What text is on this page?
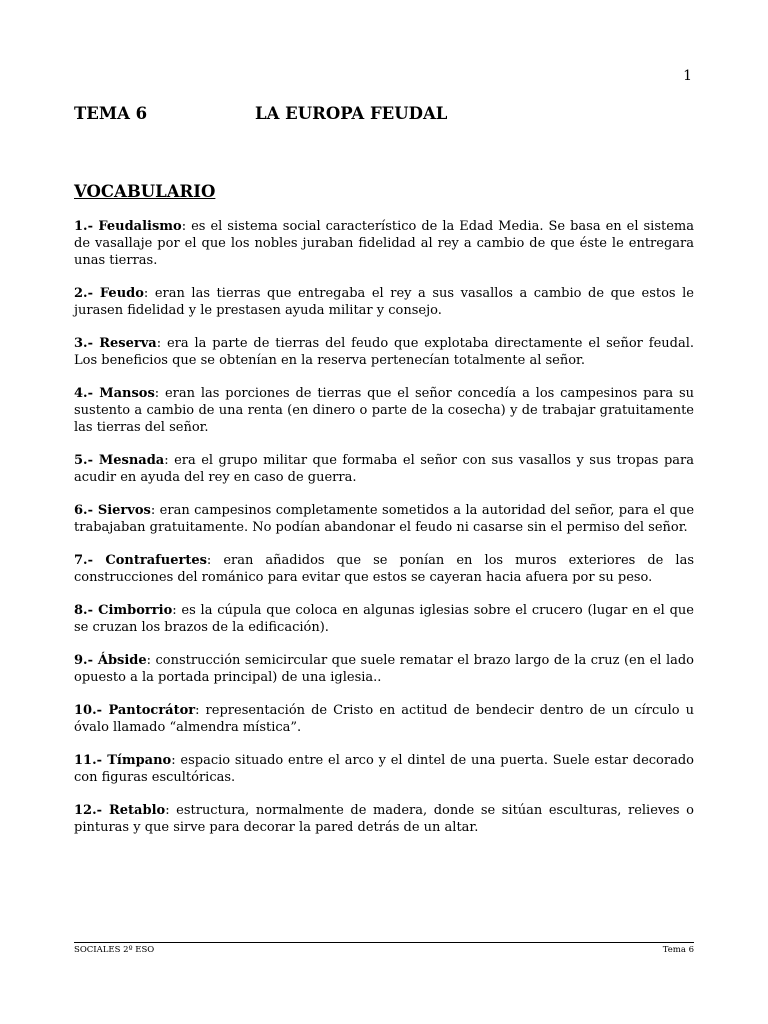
1
TEMA 6	LA EUROPA FEUDAL
VOCABULARIO

1.- Feudalismo: es el sistema social característico de la Edad Media. Se basa en el sistema de vasallaje por el que los nobles juraban fidelidad al rey a cambio de que éste le entregara unas tierras.

2.- Feudo: eran las tierras que entregaba el rey a sus vasallos a cambio de que estos le jurasen fidelidad y le prestasen ayuda militar y consejo.

3.- Reserva: era la parte de tierras del feudo que explotaba directamente el señor feudal. Los beneficios que se obtenían en la reserva pertenecían totalmente al señor.

4.- Mansos: eran las porciones de tierras que el señor concedía a los campesinos para su sustento a cambio de una renta (en dinero o parte de la cosecha) y de trabajar gratuitamente las tierras del señor.

5.- Mesnada: era el grupo militar que formaba el señor con sus vasallos y sus tropas para acudir en ayuda del rey en caso de guerra.

6.- Siervos: eran campesinos completamente sometidos a la autoridad del señor, para el que trabajaban gratuitamente. No podían abandonar el feudo ni casarse sin el permiso del señor.

7.- Contrafuertes: eran añadidos que se ponían en los muros exteriores de las construcciones del románico para evitar que estos se cayeran hacia afuera por su peso.

8.- Cimborrio: es la cúpula que coloca en algunas iglesias sobre el crucero (lugar en el que se cruzan los brazos de la edificación).

9.- Ábside: construcción semicircular que suele rematar el brazo largo de la cruz (en el lado opuesto a la portada principal) de una iglesia..

10.- Pantocrátor: representación de Cristo en actitud de bendecir dentro de un círculo u óvalo llamado “almendra mística”.

11.- Tímpano: espacio situado entre el arco y el dintel de una puerta. Suele estar decorado con figuras escultóricas.

12.- Retablo: estructura, normalmente de madera, donde se sitúan esculturas, relieves o pinturas y que sirve para decorar la pared detrás de un altar.

SOCIALES 2º ESO	Tema 6
